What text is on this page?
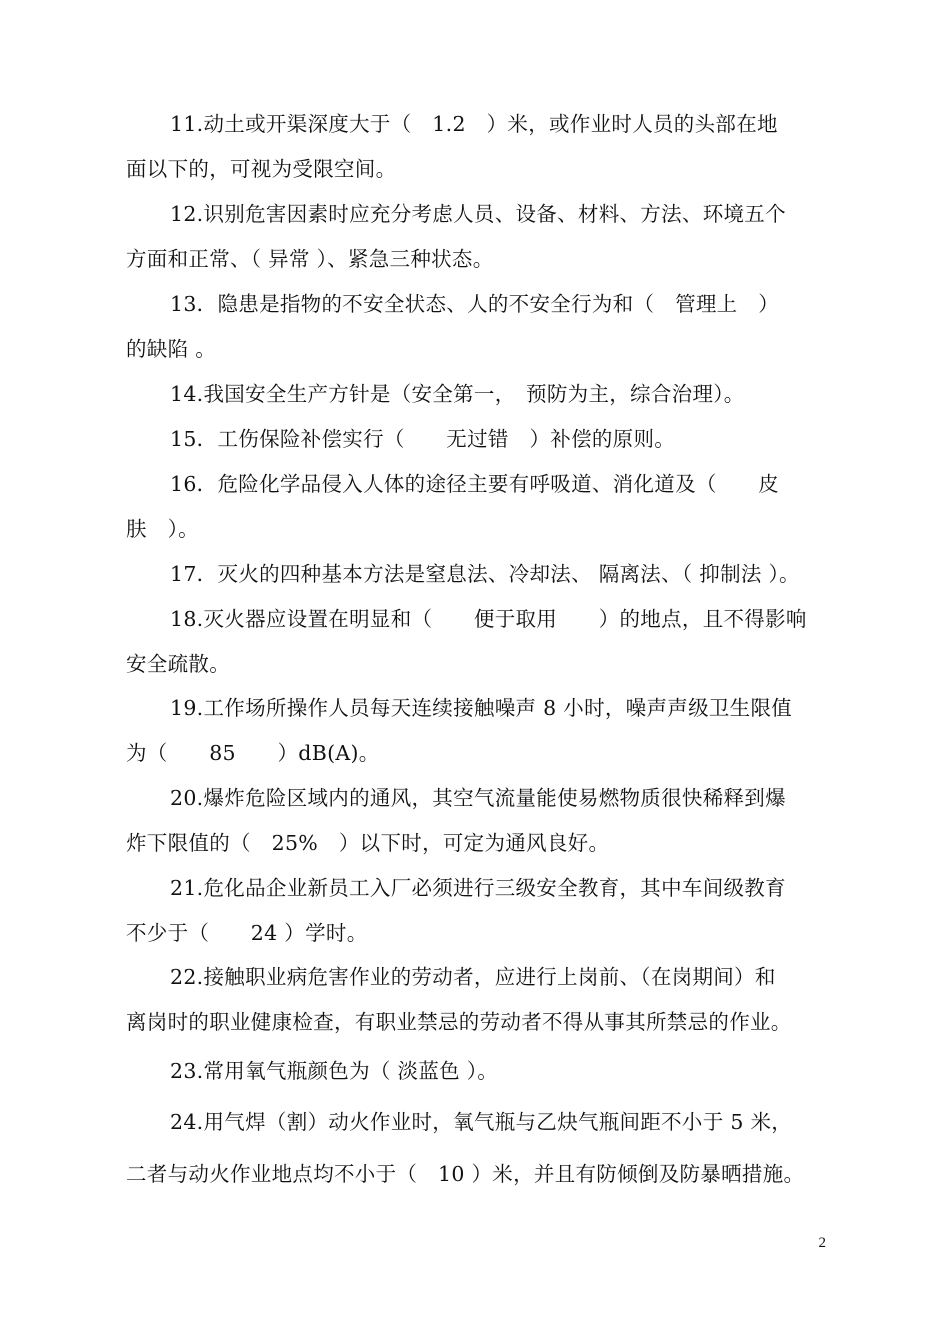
11.动土或开渠深度大于（　1.2　）米，或作业时人员的头部在地
面以下的，可视为受限空间。
12.识别危害因素时应充分考虑人员、设备、材料、方法、环境五个
方面和正常、（ 异常 ）、紧急三种状态。
13．隐患是指物的不安全状态、人的不安全行为和（　管理上　）
的缺陷 。
14.我国安全生产方针是（安全第一，　预防为主，综合治理）。
15．工伤保险补偿实行（　　无过错　）补偿的原则。
16．危险化学品侵入人体的途径主要有呼吸道、消化道及（　　皮
肤　）。
17．灭火的四种基本方法是窒息法、冷却法、 隔离法、（ 抑制法 ）。
18.灭火器应设置在明显和（　　便于取用　　）的地点，且不得影响
安全疏散。
19.工作场所操作人员每天连续接触噪声 8 小时，噪声声级卫生限值
为（　　85　　）dB(A)。
20.爆炸危险区域内的通风，其空气流量能使易燃物质很快稀释到爆
炸下限值的（　25%　）以下时，可定为通风良好。
21.危化品企业新员工入厂必须进行三级安全教育，其中车间级教育
不少于（　　24 ）学时。
22.接触职业病危害作业的劳动者，应进行上岗前、（在岗期间）和
离岗时的职业健康检查，有职业禁忌的劳动者不得从事其所禁忌的作业。
23.常用氧气瓶颜色为（ 淡蓝色 ）。
24.用气焊（割）动火作业时，氧气瓶与乙炔气瓶间距不小于 5 米，
二者与动火作业地点均不小于（　10 ）米，并且有防倾倒及防暴晒措施。
2
